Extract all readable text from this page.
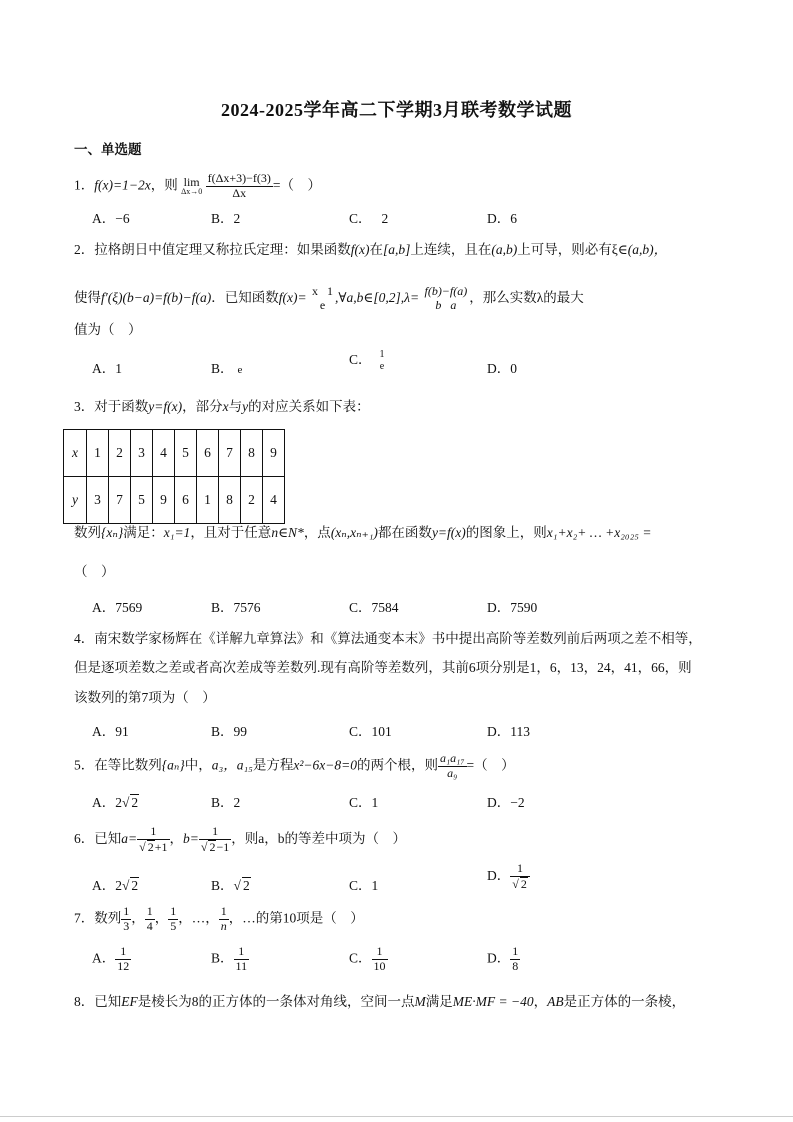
2024-2025学年高二下学期3月联考数学试题
一、单选题
1．f(x)=1−2x，则 lim
Δx→0
$\frac{f(\Delta x+3)-f(3)}{\Delta x}$ =（　）
A．−6	B．2	C． 2	D．6
2．拉格朗日中值定理又称拉氏定理：如果函数f(x)在[a,b]上连续，且在(a,b)上可导，则必有ξ∈(a,b)，
使得f′(ξ)(b−a)=f(b)−f(a)．已知函数f(x)= x   1
e ,∀a,b∈[0,2],λ= f(b)−f(a)
b   a ，那么实数λ的最大
值为（　）
A．1	B． e
C． 1
e	D．0
3．对于函数y=f(x)，部分x与y的对应关系如下表：
x	1	2	3	4	5	6	7	8	9
y	3	7	5	9	6	1	8	2	4
数列{xₙ}满足：x₁=1，且对于任意n∈N*，点(xₙ,xₙ₊₁)都在函数y=f(x)的图象上，则x₁+x₂+ … +x₂₀₂₅ =
（　）
A．7569	B．7576	C．7584	D．7590
4．南宋数学家杨辉在《详解九章算法》和《算法通变本末》书中提出高阶等差数列前后两项之差不相等，
但是逐项差数之差或者高次差成等差数列.现有高阶等差数列，其前6项分别是1，6，13，24，41，66，则
该数列的第7项为（　）
A．91	B．99	C．101	D．113
5．在等比数列{aₙ}中，a₃，a₁₅是方程x²−6x−8=0的两个根，则 $\frac{\text{a₁a₁₇}}{\text{a₉}}$ =（　）
A．2√ 2	B．2	C．1	D．−2
6．已知$a= \frac{1}{√ 2+1}$ ，$b= \frac{1}{√ 2-1}$ ，则a，b的等差中项为（　）
A．2√ 2	B．√ 2	C．1
D． $\frac{1}{√ 2}$
7．数列 $\frac{1}{3}$ ， $\frac{1}{4}$ ， $\frac{1}{5}$ ，…， $\frac{1}{n}$ ，…的第10项是（　）
A． $\frac{1}{12}$	B． $\frac{1}{11}$	C． $\frac{1}{10}$	D． $\frac{1}{8}$
8．已知EF是棱长为8的正方体的一条体对角线，空间一点M满足ME·MF = −40，AB是正方体的一条棱，
